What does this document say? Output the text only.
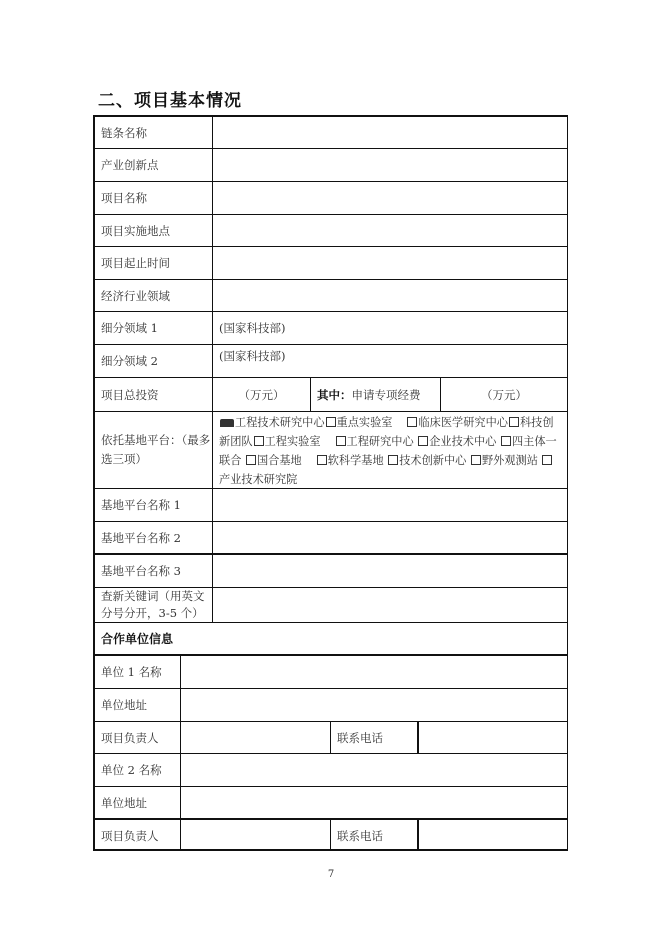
二、项目基本情况
链条名称
产业创新点
项目名称
项目实施地点
项目起止时间
经济行业领域
细分领域 1	(国家科技部)
细分领域 2	(国家科技部)
项目总投资	（万元）	其中： 申请专项经费	（万元）
依托基地平台：（最多选三项）
工程技术研究中心 重点实验室 临床医学研究中心 科技创新团队 工程实验室 工程研究中心 企业技术中心 四主体一联合 国合基地 软科学基地 技术创新中心 野外观测站 产业技术研究院
基地平台名称 1
基地平台名称 2
基地平台名称 3
查新关键词（用英文分号分开，3-5 个）
合作单位信息
单位 1 名称
单位地址
项目负责人	联系电话
单位 2 名称
单位地址
项目负责人	联系电话
7
